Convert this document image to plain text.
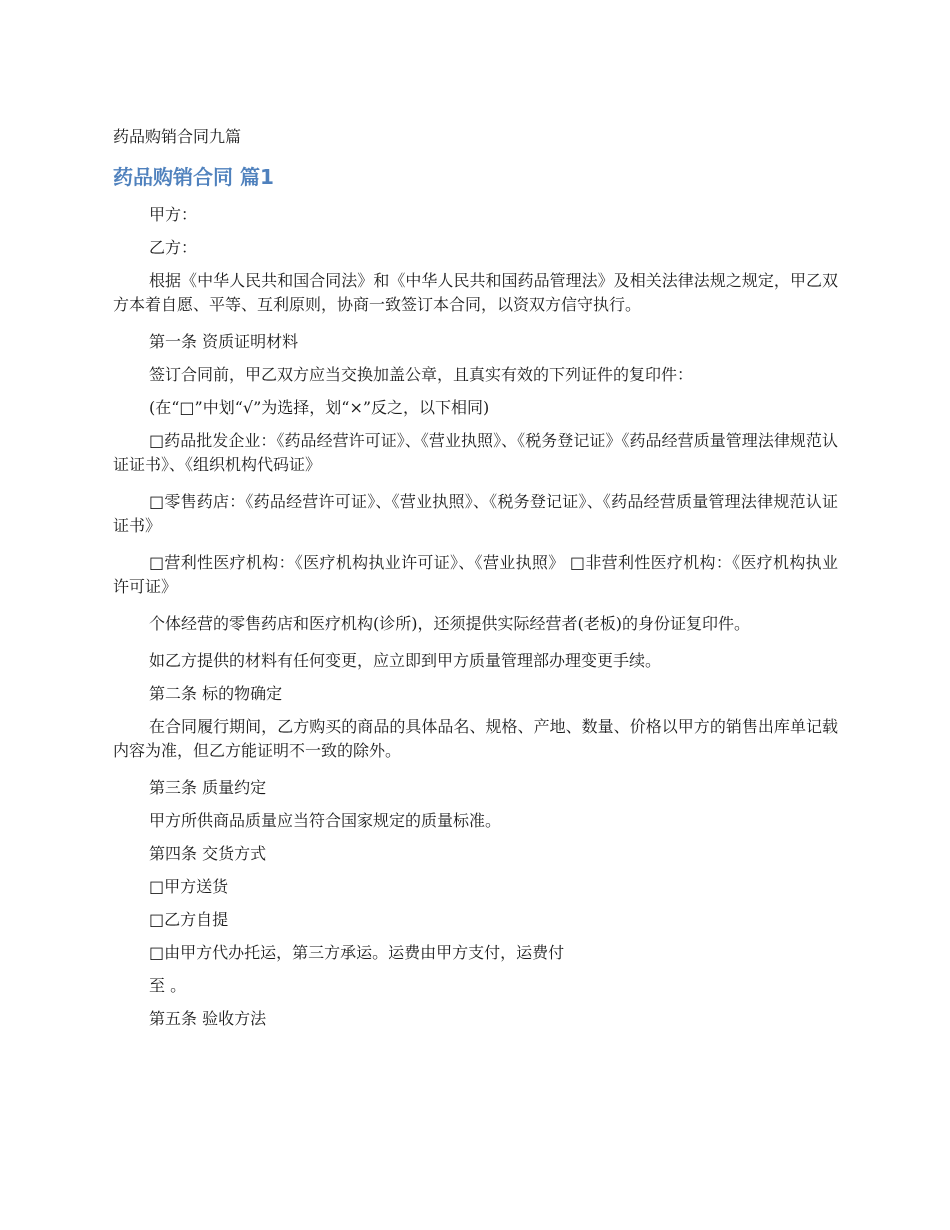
药品购销合同九篇
药品购销合同 篇1

甲方：

乙方：

根据《中华人民共和国合同法》和《中华人民共和国药品管理法》及相关法律法规之规定，甲乙双方本着自愿、平等、互利原则，协商一致签订本合同，以资双方信守执行。

第一条 资质证明材料

签订合同前，甲乙双方应当交换加盖公章，且真实有效的下列证件的复印件：

(在“□”中划“√”为选择，划“×”反之，以下相同)

□药品批发企业：《药品经营许可证》、《营业执照》、《税务登记证》《药品经营质量管理法律规范认证证书》、《组织机构代码证》

□零售药店：《药品经营许可证》、《营业执照》、《税务登记证》、《药品经营质量管理法律规范认证证书》

□营利性医疗机构：《医疗机构执业许可证》、《营业执照》 □非营利性医疗机构：《医疗机构执业许可证》

个体经营的零售药店和医疗机构(诊所)，还须提供实际经营者(老板)的身份证复印件。

如乙方提供的材料有任何变更，应立即到甲方质量管理部办理变更手续。

第二条 标的物确定

在合同履行期间，乙方购买的商品的具体品名、规格、产地、数量、价格以甲方的销售出库单记载内容为准，但乙方能证明不一致的除外。

第三条 质量约定

甲方所供商品质量应当符合国家规定的质量标准。

第四条 交货方式

□甲方送货

□乙方自提

□由甲方代办托运，第三方承运。运费由甲方支付，运费付

至 。

第五条 验收方法
